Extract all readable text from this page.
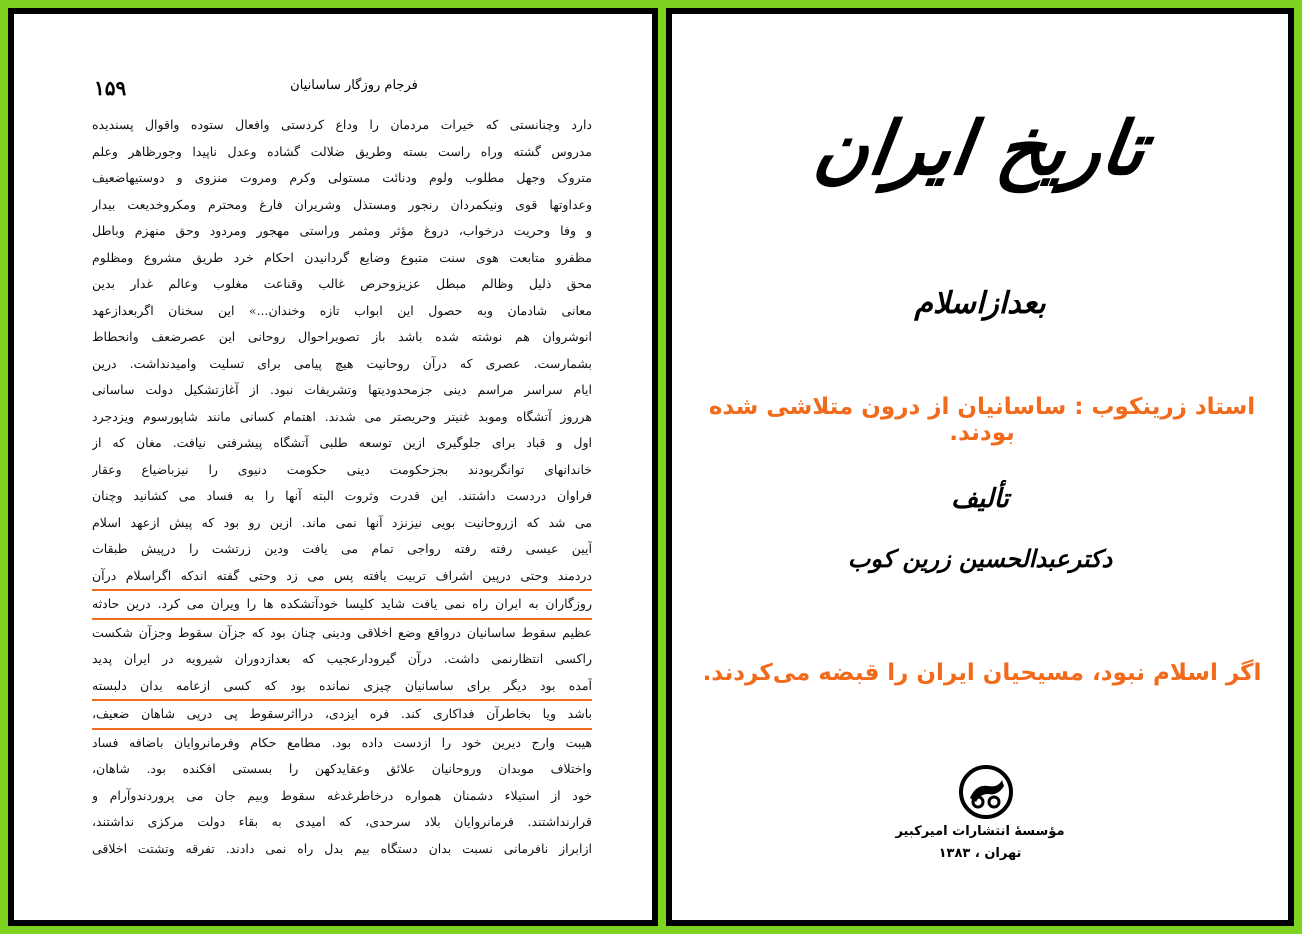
۱۵۹	فرجام روزگار ساسانیان
دارد وچنانستی که خیرات مردمان را وداع کردستی وافعال ستوده واقوال پسندیده
مدروس گشته وراه راست بسته وطریق ضلالت گشاده وعدل ناپیدا وجورظاهر وعلم
متروک وجهل مطلوب ولوم ودنائت مستولی وکرم ومروت منزوی و دوستیهاضعیف
وعداوتها قوی ونیکمردان رنجور ومستذل وشریران فارغ ومحترم ومکروخدیعت بیدار
و وفا وحریت درخواب، دروغ مؤثر ومثمر وراستی مهجور ومردود وحق منهزم وباطل
مظفرو متابعت هوی سنت متبوع وضایع گردانیدن احکام خرد طریق مشروع ومظلوم
محق ذلیل وظالم مبطل عزیزوحرص غالب وقناعت مغلوب وعالم غدار بدین
معانی شادمان وبه حصول این ابواب تازه وخندان...» این سخنان اگربعدازعهد
انوشروان هم نوشته شده باشد باز تصویراحوال روحانی این عصرضعف وانحطاط
بشمارست. عصری که درآن روحانیت هیچ پیامی برای تسلیت وامیدنداشت. درین
ایام سراسر مراسم دینی جزمحدودیتها وتشریفات نبود. از آغازتشکیل دولت ساسانی
هرروز آتشگاه وموبد غنیتر وحریصتر می شدند. اهتمام کسانی مانند شاپورسوم ویزدجرد
اول و قباد برای جلوگیری ازین توسعه طلبی آتشگاه پیشرفتی نیافت. مغان که از
خاندانهای توانگربودند بجزحکومت دینی حکومت دنیوی را نیزباضیاع وعقار
فراوان دردست داشتند. این قدرت وثروت البته آنها را به فساد می کشانید وچنان
می شد که ازروحانیت بویی نیزنزد آنها نمی ماند. ازین رو بود که پیش ازعهد اسلام
آیین عیسی رفته رفته رواجی تمام می یافت ودین زرتشت را درپیش طبقات
دردمند وحتی درپین اشراف تربیت یافته پس می زد وحتی گفته اندکه اگراسلام درآن
روزگاران به ایران راه نمی یافت شاید کلیسا خودآتشکده ها را ویران می کرد. درین حادثه
عظیم سقوط ساسانیان درواقع وضع اخلاقی ودینی چنان بود که جزآن سقوط وجزآن شکست
راکسی انتظارنمی داشت. درآن گیرودارعجیب که بعدازدوران شیرویه در ایران پدید
آمده بود دیگر برای ساسانیان چیزی نمانده بود که کسی ازعامه بدان دلبسته
باشد ویا بخاطرآن فداکاری کند. فره ایزدی، درااثرسقوط پی درپی شاهان ضعیف،
هیبت وارج دیرین خود را ازدست داده بود. مطامع حکام وفرمانروایان باضافه فساد
واختلاف موبدان وروحانیان علائق وعقایدکهن را بسستی افکنده بود. شاهان،
خود از استیلاء دشمنان همواره درخاطرغدغه سقوط وبیم جان می پروردندوآرام و
قرارنداشتند. فرمانروایان بلاد سرحدی، که امیدی به بقاء دولت مرکزی نداشتند،
ازابراز نافرمانی نسبت بدان دستگاه بیم بدل راه نمی دادند. تفرقه وتشتت اخلاقی
تاریخ ایران
بعدازاسلام
استاد زرینکوب : ساسانیان از درون متلاشی شده بودند.
تألیف
دکترعبدالحسین زرین کوب
اگر اسلام نبود، مسیحیان ایران را قبضه می‌کردند.
مؤسسهٔ انتشارات امیرکبیر
تهران ، ۱۳۸۳
